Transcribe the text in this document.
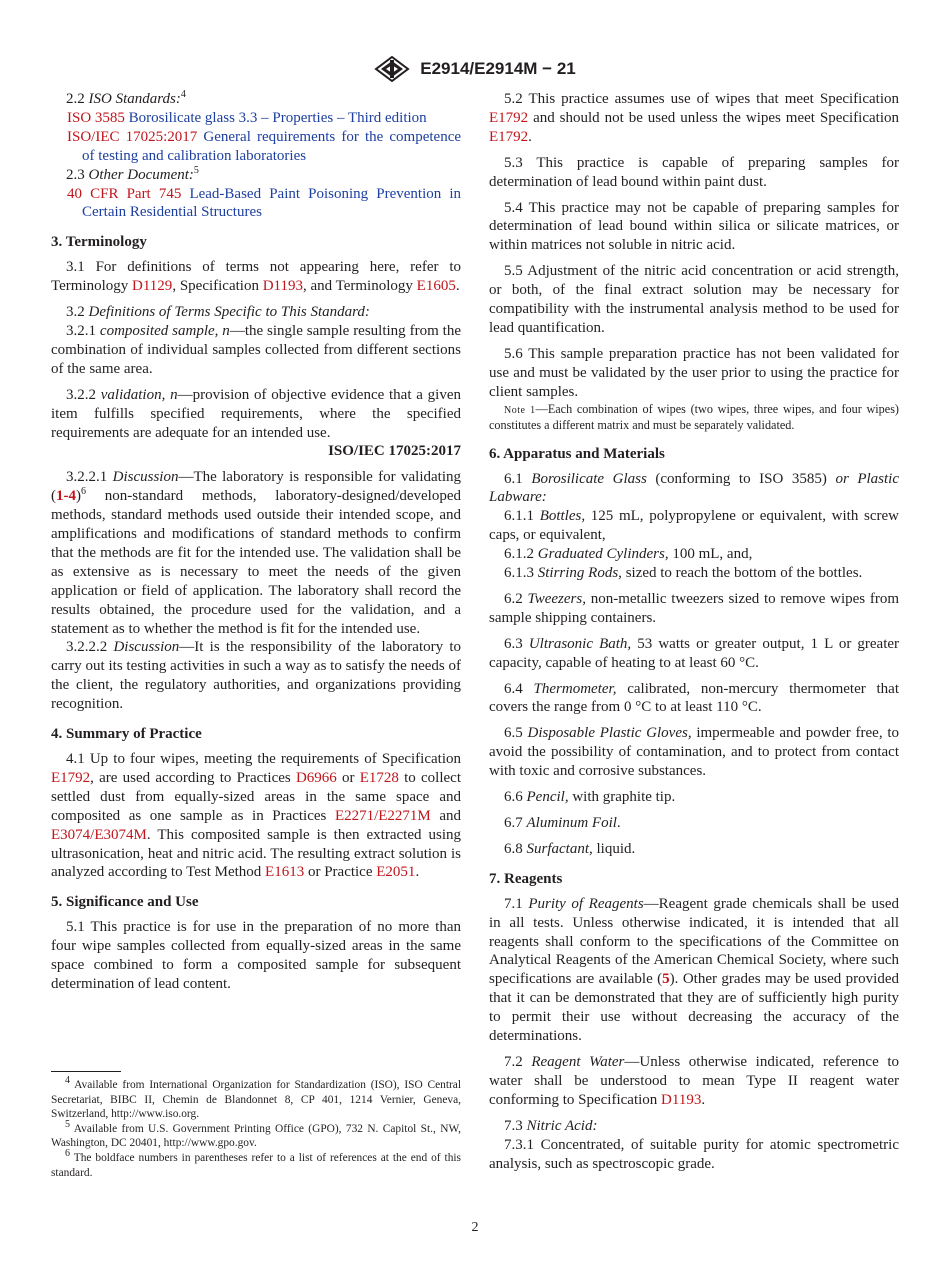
E2914/E2914M − 21

2.2 ISO Standards:$^4$

ISO 3585 Borosilicate glass 3.3 – Properties – Third edition

ISO/IEC 17025:2017 General requirements for the competence of testing and calibration laboratories

2.3 Other Document:$^5$

40 CFR Part 745 Lead-Based Paint Poisoning Prevention in Certain Residential Structures

3. Terminology

3.1 For definitions of terms not appearing here, refer to Terminology D1129, Specification D1193, and Terminology E1605.

3.2 Definitions of Terms Specific to This Standard:

3.2.1 composited sample, n—the single sample resulting from the combination of individual samples collected from different sections of the same area.

3.2.2 validation, n—provision of objective evidence that a given item fulfills specified requirements, where the specified requirements are adequate for an intended use.

ISO/IEC 17025:2017

3.2.2.1 Discussion—The laboratory is responsible for validating $(1-4)^6$ non-standard methods, laboratory-designed/developed methods, standard methods used outside their intended scope, and amplifications and modifications of standard methods to confirm that the methods are fit for the intended use. The validation shall be as extensive as is necessary to meet the needs of the given application or field of application. The laboratory shall record the results obtained, the procedure used for the validation, and a statement as to whether the method is fit for the intended use.

3.2.2.2 Discussion—It is the responsibility of the laboratory to carry out its testing activities in such a way as to satisfy the needs of the client, the regulatory authorities, and organizations providing recognition.

4. Summary of Practice

4.1 Up to four wipes, meeting the requirements of Specification E1792, are used according to Practices D6966 or E1728 to collect settled dust from equally-sized areas in the same space and composited as one sample as in Practices E2271/E2271M and E3074/E3074M. This composited sample is then extracted using ultrasonication, heat and nitric acid. The resulting extract solution is analyzed according to Test Method E1613 or Practice E2051.

5. Significance and Use

5.1 This practice is for use in the preparation of no more than four wipe samples collected from equally-sized areas in the same space combined to form a composited sample for subsequent determination of lead content.

$^4$ Available from International Organization for Standardization (ISO), ISO Central Secretariat, BIBC II, Chemin de Blandonnet 8, CP 401, 1214 Vernier, Geneva, Switzerland, http://www.iso.org.

$^5$ Available from U.S. Government Printing Office (GPO), 732 N. Capitol St., NW, Washington, DC 20401, http://www.gpo.gov.

$^6$ The boldface numbers in parentheses refer to a list of references at the end of this standard.

5.2 This practice assumes use of wipes that meet Specification E1792 and should not be used unless the wipes meet Specification E1792.

5.3 This practice is capable of preparing samples for determination of lead bound within paint dust.

5.4 This practice may not be capable of preparing samples for determination of lead bound within silica or silicate matrices, or within matrices not soluble in nitric acid.

5.5 Adjustment of the nitric acid concentration or acid strength, or both, of the final extract solution may be necessary for compatibility with the instrumental analysis method to be used for lead quantification.

5.6 This sample preparation practice has not been validated for use and must be validated by the user prior to using the practice for client samples.

Note 1—Each combination of wipes (two wipes, three wipes, and four wipes) constitutes a different matrix and must be separately validated.

6. Apparatus and Materials

6.1 Borosilicate Glass (conforming to ISO 3585) or Plastic Labware:

6.1.1 Bottles, 125 mL, polypropylene or equivalent, with screw caps, or equivalent,

6.1.2 Graduated Cylinders, 100 mL, and,

6.1.3 Stirring Rods, sized to reach the bottom of the bottles.

6.2 Tweezers, non-metallic tweezers sized to remove wipes from sample shipping containers.

6.3 Ultrasonic Bath, 53 watts or greater output, 1 L or greater capacity, capable of heating to at least 60 °C.

6.4 Thermometer, calibrated, non-mercury thermometer that covers the range from 0 °C to at least 110 °C.

6.5 Disposable Plastic Gloves, impermeable and powder free, to avoid the possibility of contamination, and to protect from contact with toxic and corrosive substances.

6.6 Pencil, with graphite tip.

6.7 Aluminum Foil.

6.8 Surfactant, liquid.

7. Reagents

7.1 Purity of Reagents—Reagent grade chemicals shall be used in all tests. Unless otherwise indicated, it is intended that all reagents shall conform to the specifications of the Committee on Analytical Reagents of the American Chemical Society, where such specifications are available (5). Other grades may be used provided that it can be demonstrated that they are of sufficiently high purity to permit their use without decreasing the accuracy of the determinations.

7.2 Reagent Water—Unless otherwise indicated, reference to water shall be understood to mean Type II reagent water conforming to Specification D1193.

7.3 Nitric Acid:

7.3.1 Concentrated, of suitable purity for atomic spectrometric analysis, such as spectroscopic grade.

2
